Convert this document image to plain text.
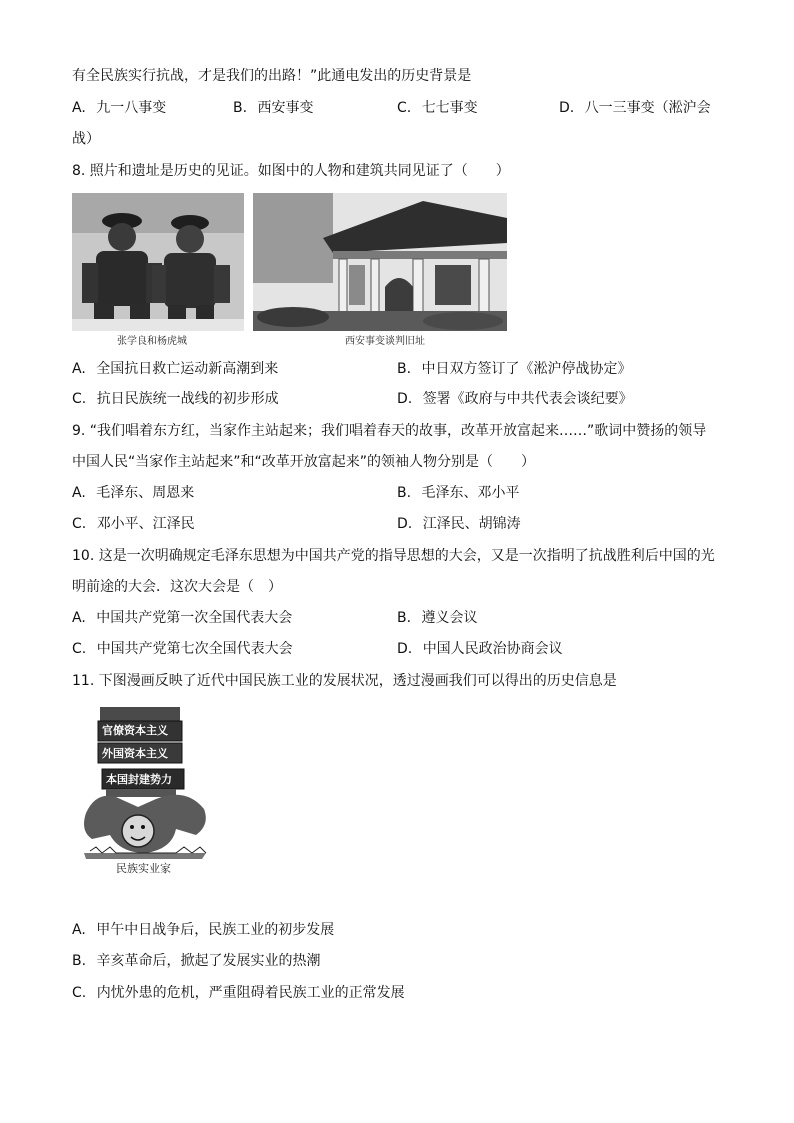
有全民族实行抗战，才是我们的出路！”此通电发出的历史背景是
A. 九一八事变	B. 西安事变	C. 七七事变	D. 八一三事变（淞沪会
战）
8. 照片和遗址是历史的见证。如图中的人物和建筑共同见证了（　　）
张学良和杨虎城	西安事变谈判旧址
A. 全国抗日救亡运动新高潮到来	B. 中日双方签订了《淞沪停战协定》
C. 抗日民族统一战线的初步形成	D. 签署《政府与中共代表会谈纪要》
9. “我们唱着东方红，当家作主站起来；我们唱着春天的故事，改革开放富起来……”歌词中赞扬的领导
中国人民“当家作主站起来”和“改革开放富起来”的领袖人物分别是（　　）
A. 毛泽东、周恩来	B. 毛泽东、邓小平
C. 邓小平、江泽民	D. 江泽民、胡锦涛
10. 这是一次明确规定毛泽东思想为中国共产党的指导思想的大会，又是一次指明了抗战胜利后中国的光
明前途的大会．这次大会是（　）
A. 中国共产党第一次全国代表大会	B. 遵义会议
C. 中国共产党第七次全国代表大会	D. 中国人民政治协商会议
11. 下图漫画反映了近代中国民族工业的发展状况，透过漫画我们可以得出的历史信息是
官僚资本主义
外国资本主义
本国封建势力
民族实业家
A. 甲午中日战争后，民族工业的初步发展
B. 辛亥革命后，掀起了发展实业的热潮
C. 内忧外患的危机，严重阻碍着民族工业的正常发展
